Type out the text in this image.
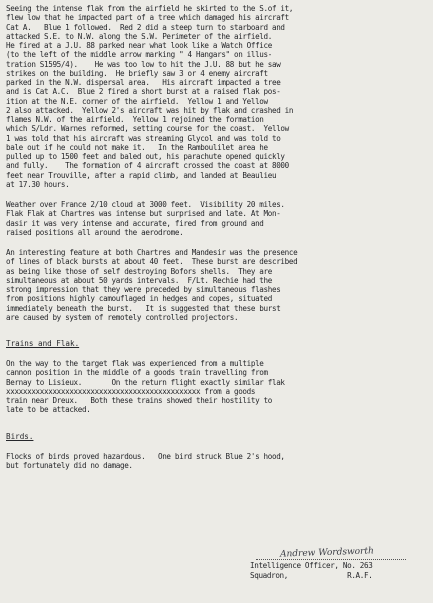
Seeing the intense flak from the airfield he skirted to the S.of it,
flew low that he impacted part of a tree which damaged his aircraft
Cat A.   Blue 1 followed.  Red 2 did a steep turn to starboard and
attacked S.E. to N.W. along the S.W. Perimeter of the airfield.
He fired at a J.U. 88 parked near what look like a Watch Office
(to the left of the middle arrow marking " 4 Hangars" on illus-
tration S1595/4).    He was too low to hit the J.U. 88 but he saw
strikes on the building.  He briefly saw 3 or 4 enemy aircraft
parked in the N.W. dispersal area.   His aircraft impacted a tree
and is Cat A.C.  Blue 2 fired a short burst at a raised flak pos-
ition at the N.E. corner of the airfield.  Yellow 1 and Yellow
2 also attacked.  Yellow 2's aircraft was hit by flak and crashed in
flames N.W. of the airfield.  Yellow 1 rejoined the formation
which S/Ldr. Warnes reformed, setting course for the coast.  Yellow
1 was told that his aircraft was streaming Glycol and was told to
bale out if he could not make it.   In the Ramboulilet area he
pulled up to 1500 feet and baled out, his parachute opened quickly
and fully.    The formation of 4 aircraft crossed the coast at 8000
feet near Trouville, after a rapid climb, and landed at Beaulieu
at 17.30 hours.
Weather over France 2/10 cloud at 3000 feet.  Visibility 20 miles.
Flak Flak at Chartres was intense but surprised and late. At Mon-
dasir it was very intense and accurate, fired from ground and
raised positions all around the aerodrome.
An interesting feature at both Chartres and Mandesir was the presence
of lines of black bursts at about 40 feet.  These burst are described
as being like those of self destroying Bofors shells.  They are
simultaneous at about 50 yards intervals.  F/Lt. Rechie had the
strong impression that they were preceded by simultaneous flashes
from positions highly camouflaged in hedges and copes, situated
immediately beneath the burst.   It is suggested that these burst
are caused by system of remotely controlled projectors.
Trains and Flak.
On the way to the target flak was experienced from a multiple
cannon position in the middle of a goods train travelling from
Bernay to Lisieux.       On the return flight exactly similar flak
xxxxxxxxxxxxxxxxxxxxxxxxxxxxxxxxxxxxxxxxxxxxxx from a goods
train near Dreux.   Both these trains showed their hostility to
late to be attacked.
Birds.
Flocks of birds proved hazardous.   One bird struck Blue 2's hood,
but fortunately did no damage.
Andrew Wordsworth
Intelligence Officer, No. 263
Squadron,              R.A.F.
